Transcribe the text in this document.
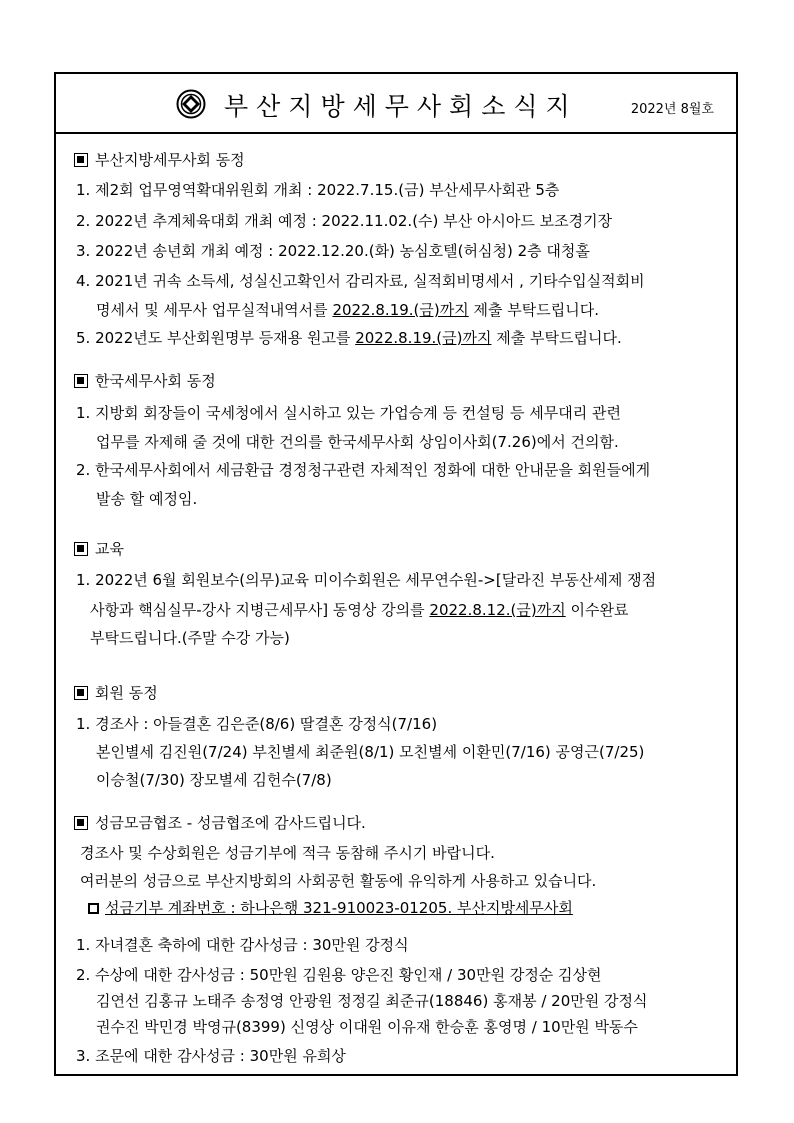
부산지방세무사회소식지	2022년 8월호
부산지방세무사회 동정
1. 제2회 업무영역확대위원회 개최 : 2022.7.15.(금) 부산세무사회관 5층
2. 2022년 추계체육대회 개최 예정 : 2022.11.02.(수) 부산 아시아드 보조경기장
3. 2022년 송년회 개최 예정 : 2022.12.20.(화) 농심호텔(허심청) 2층 대청홀
4. 2021년 귀속 소득세, 성실신고확인서 감리자료, 실적회비명세서 , 기타수입실적회비
명세서 및 세무사 업무실적내역서를 2022.8.19.(금)까지 제출 부탁드립니다.
5. 2022년도 부산회원명부 등재용 원고를 2022.8.19.(금)까지 제출 부탁드립니다.
한국세무사회 동정
1. 지방회 회장들이 국세청에서 실시하고 있는 가업승계 등 컨설팅 등 세무대리 관련
업무를 자제해 줄 것에 대한 건의를 한국세무사회 상임이사회(7.26)에서 건의함.
2. 한국세무사회에서 세금환급 경정청구관련 자체적인 정화에 대한 안내문을 회원들에게
발송 할 예정임.
교육
1. 2022년 6월 회원보수(의무)교육 미이수회원은 세무연수원->[달라진 부동산세제 쟁점
사항과 핵심실무-강사 지병근세무사] 동영상 강의를 2022.8.12.(금)까지 이수완료
부탁드립니다.(주말 수강 가능)
회원 동정
1. 경조사 : 아들결혼 김은준(8/6) 딸결혼 강정식(7/16)
본인별세 김진원(7/24) 부친별세 최준원(8/1) 모친별세 이환민(7/16) 공영근(7/25)
이승철(7/30) 장모별세 김헌수(7/8)
성금모금협조 - 성금협조에 감사드립니다.
경조사 및 수상회원은 성금기부에 적극 동참해 주시기 바랍니다.
여러분의 성금으로 부산지방회의 사회공헌 활동에 유익하게 사용하고 있습니다.
성금기부 계좌번호 : 하나은행 321-910023-01205. 부산지방세무사회
1. 자녀결혼 축하에 대한 감사성금 : 30만원 강정식
2. 수상에 대한 감사성금 : 50만원 김원용 양은진 황인재 / 30만원 강정순 김상현
김연선 김홍규 노태주 송정영 안광원 정정길 최준규(18846) 홍재봉 / 20만원 강정식
권수진 박민경 박영규(8399) 신영상 이대원 이유재 한승훈 홍영명 / 10만원 박동수
3. 조문에 대한 감사성금 : 30만원 유희상
